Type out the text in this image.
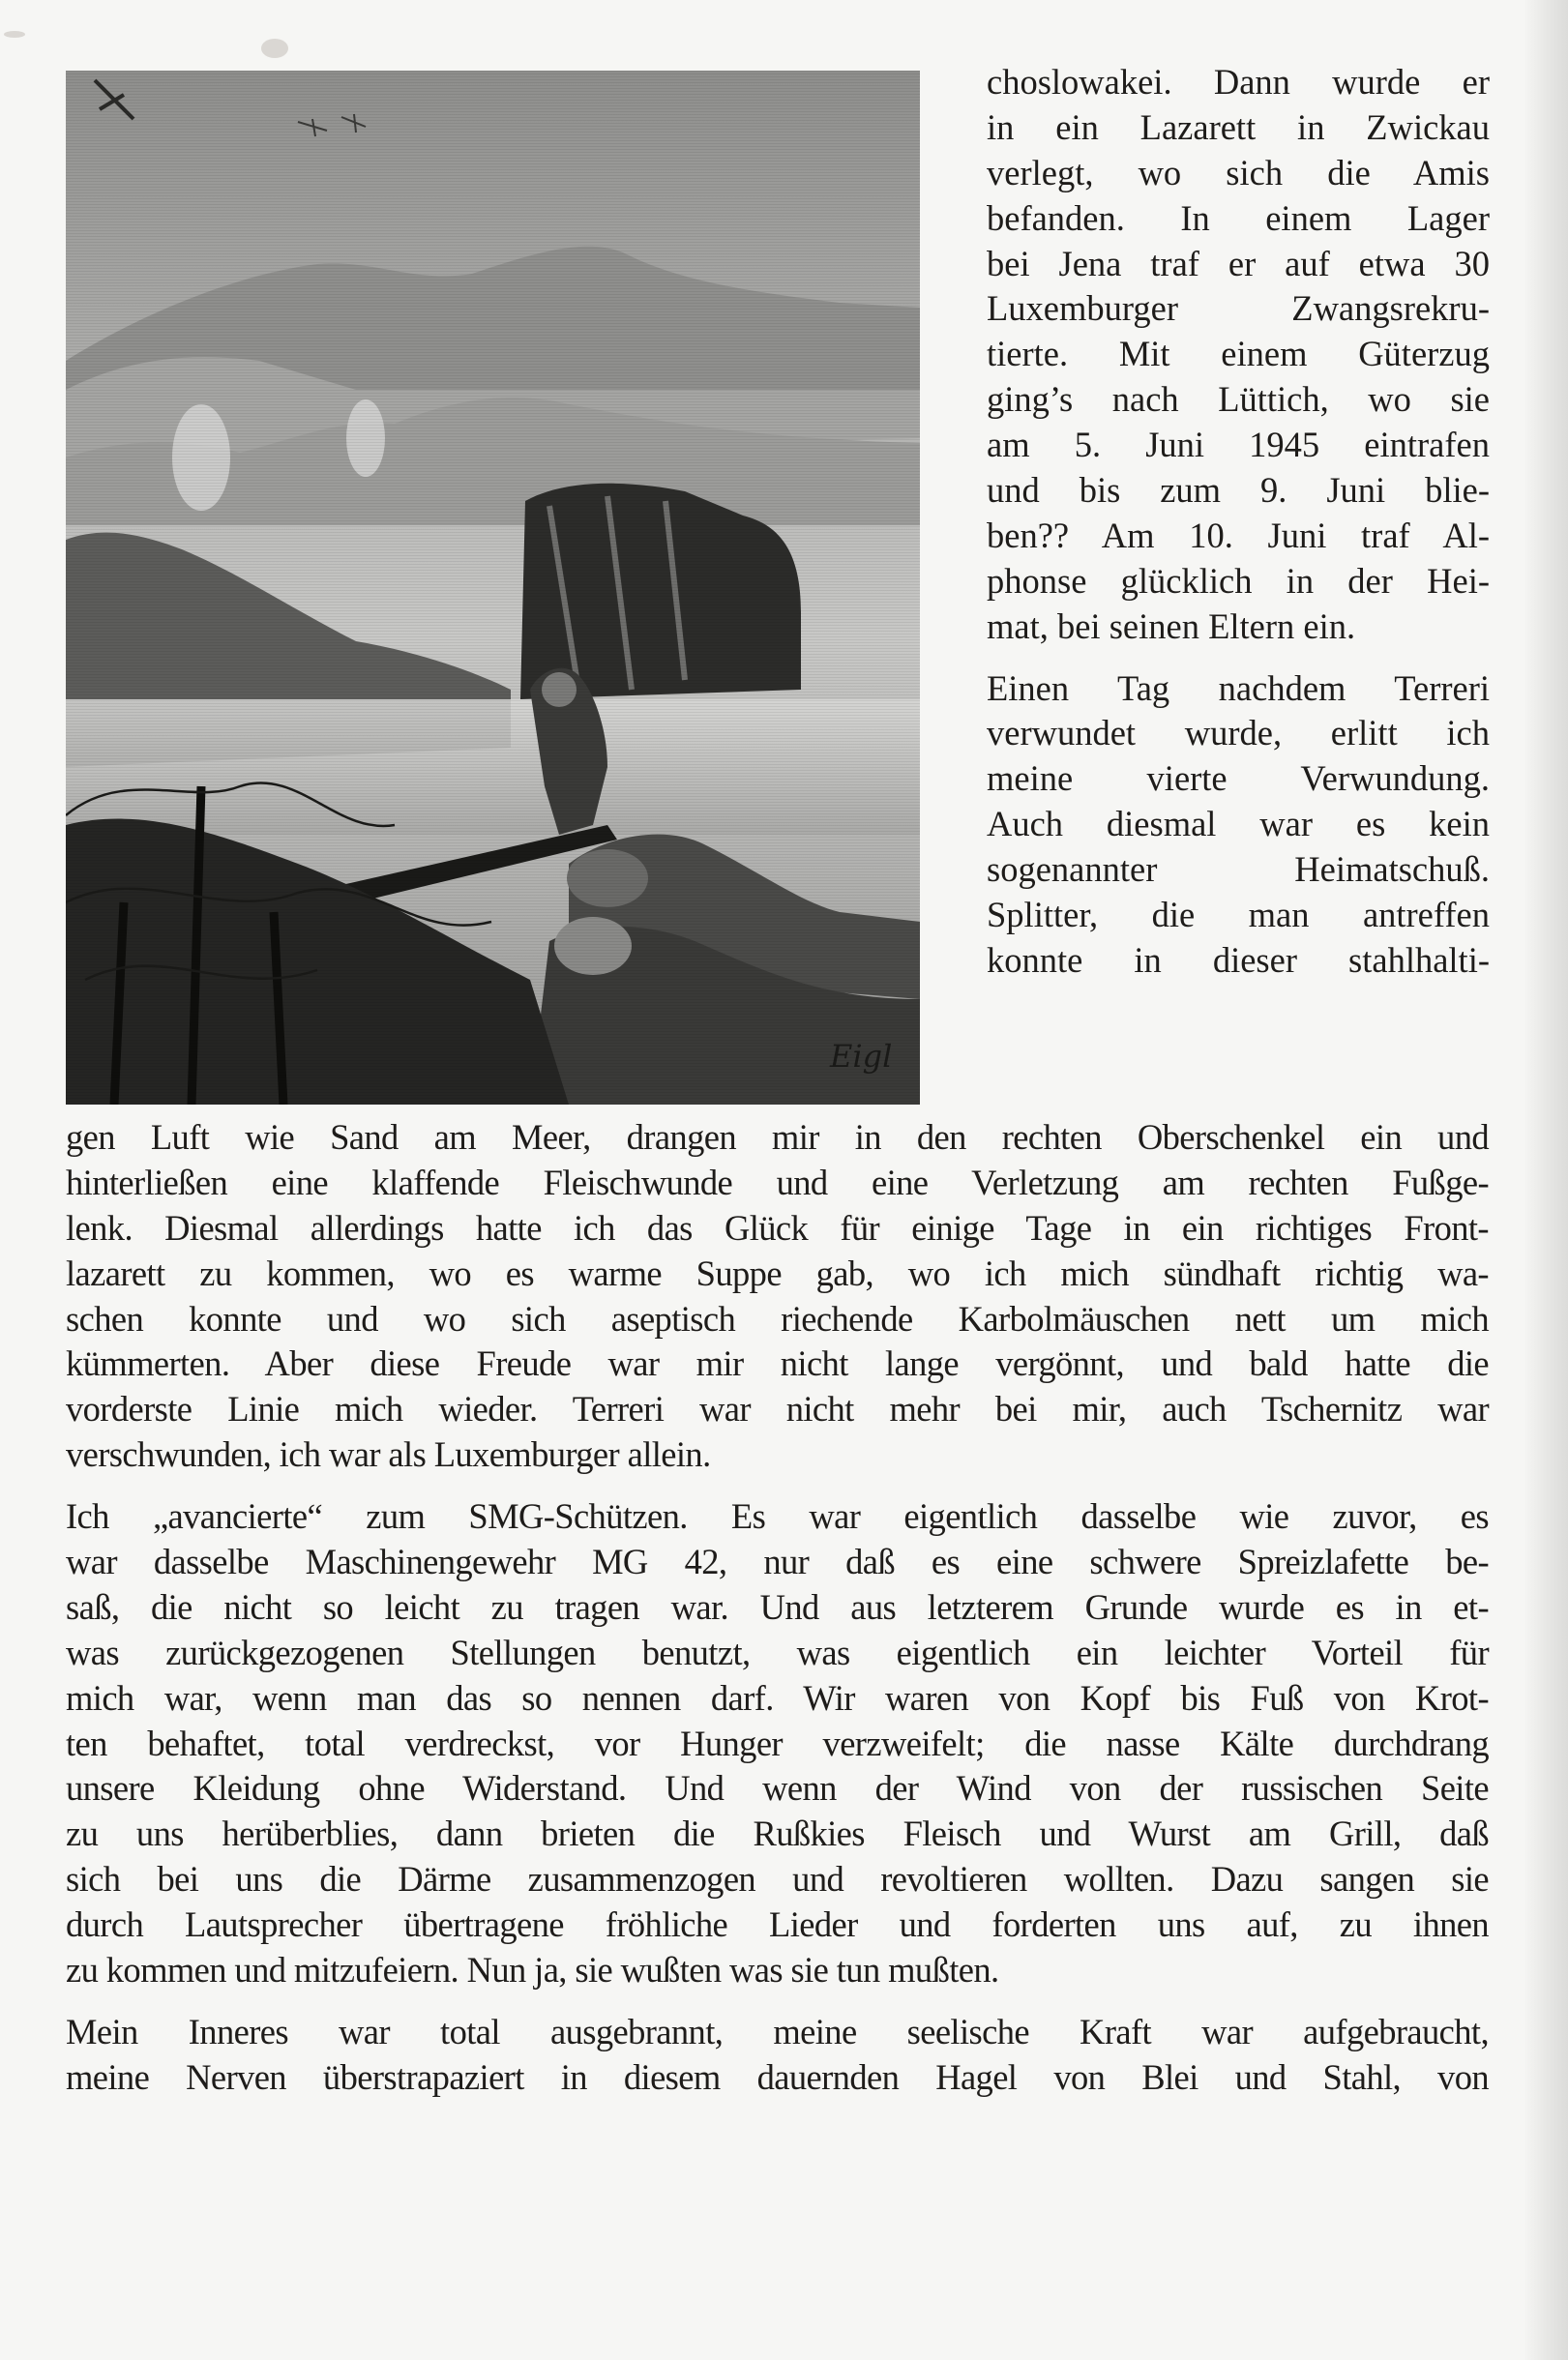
choslowakei. Dann wurde er
in ein Lazarett in Zwickau
verlegt, wo sich die Amis
befanden. In einem Lager
bei Jena traf er auf etwa 30
Luxemburger Zwangsrekru-
tierte. Mit einem Güterzug
ging’s nach Lüttich, wo sie
am 5. Juni 1945 eintrafen
und bis zum 9. Juni blie-
ben?? Am 10. Juni traf Al-
phonse glücklich in der Hei-
mat, bei seinen Eltern ein.
Einen Tag nachdem Terreri
verwundet wurde, erlitt ich
meine vierte Verwundung.
Auch diesmal war es kein
sogenannter Heimatschuß.
Splitter, die man antreffen
konnte in dieser stahlhalti-
gen Luft wie Sand am Meer, drangen mir in den rechten Oberschenkel ein und
hinterließen eine klaffende Fleischwunde und eine Verletzung am rechten Fußge-
lenk. Diesmal allerdings hatte ich das Glück für einige Tage in ein richtiges Front-
lazarett zu kommen, wo es warme Suppe gab, wo ich mich sündhaft richtig wa-
schen konnte und wo sich aseptisch riechende Karbolmäuschen nett um mich
kümmerten. Aber diese Freude war mir nicht lange vergönnt, und bald hatte die
vorderste Linie mich wieder. Terreri war nicht mehr bei mir, auch Tschernitz war
verschwunden, ich war als Luxemburger allein.
Ich „avancierte“ zum SMG-Schützen. Es war eigentlich dasselbe wie zuvor, es
war dasselbe Maschinengewehr MG 42, nur daß es eine schwere Spreizlafette be-
saß, die nicht so leicht zu tragen war. Und aus letzterem Grunde wurde es in et-
was zurückgezogenen Stellungen benutzt, was eigentlich ein leichter Vorteil für
mich war, wenn man das so nennen darf. Wir waren von Kopf bis Fuß von Krot-
ten behaftet, total verdreckst, vor Hunger verzweifelt; die nasse Kälte durchdrang
unsere Kleidung ohne Widerstand. Und wenn der Wind von der russischen Seite
zu uns herüberblies, dann brieten die Rußkies Fleisch und Wurst am Grill, daß
sich bei uns die Därme zusammenzogen und revoltieren wollten. Dazu sangen sie
durch Lautsprecher übertragene fröhliche Lieder und forderten uns auf, zu ihnen
zu kommen und mitzufeiern. Nun ja, sie wußten was sie tun mußten.
Mein Inneres war total ausgebrannt, meine seelische Kraft war aufgebraucht,
meine Nerven überstrapaziert in diesem dauernden Hagel von Blei und Stahl, von
